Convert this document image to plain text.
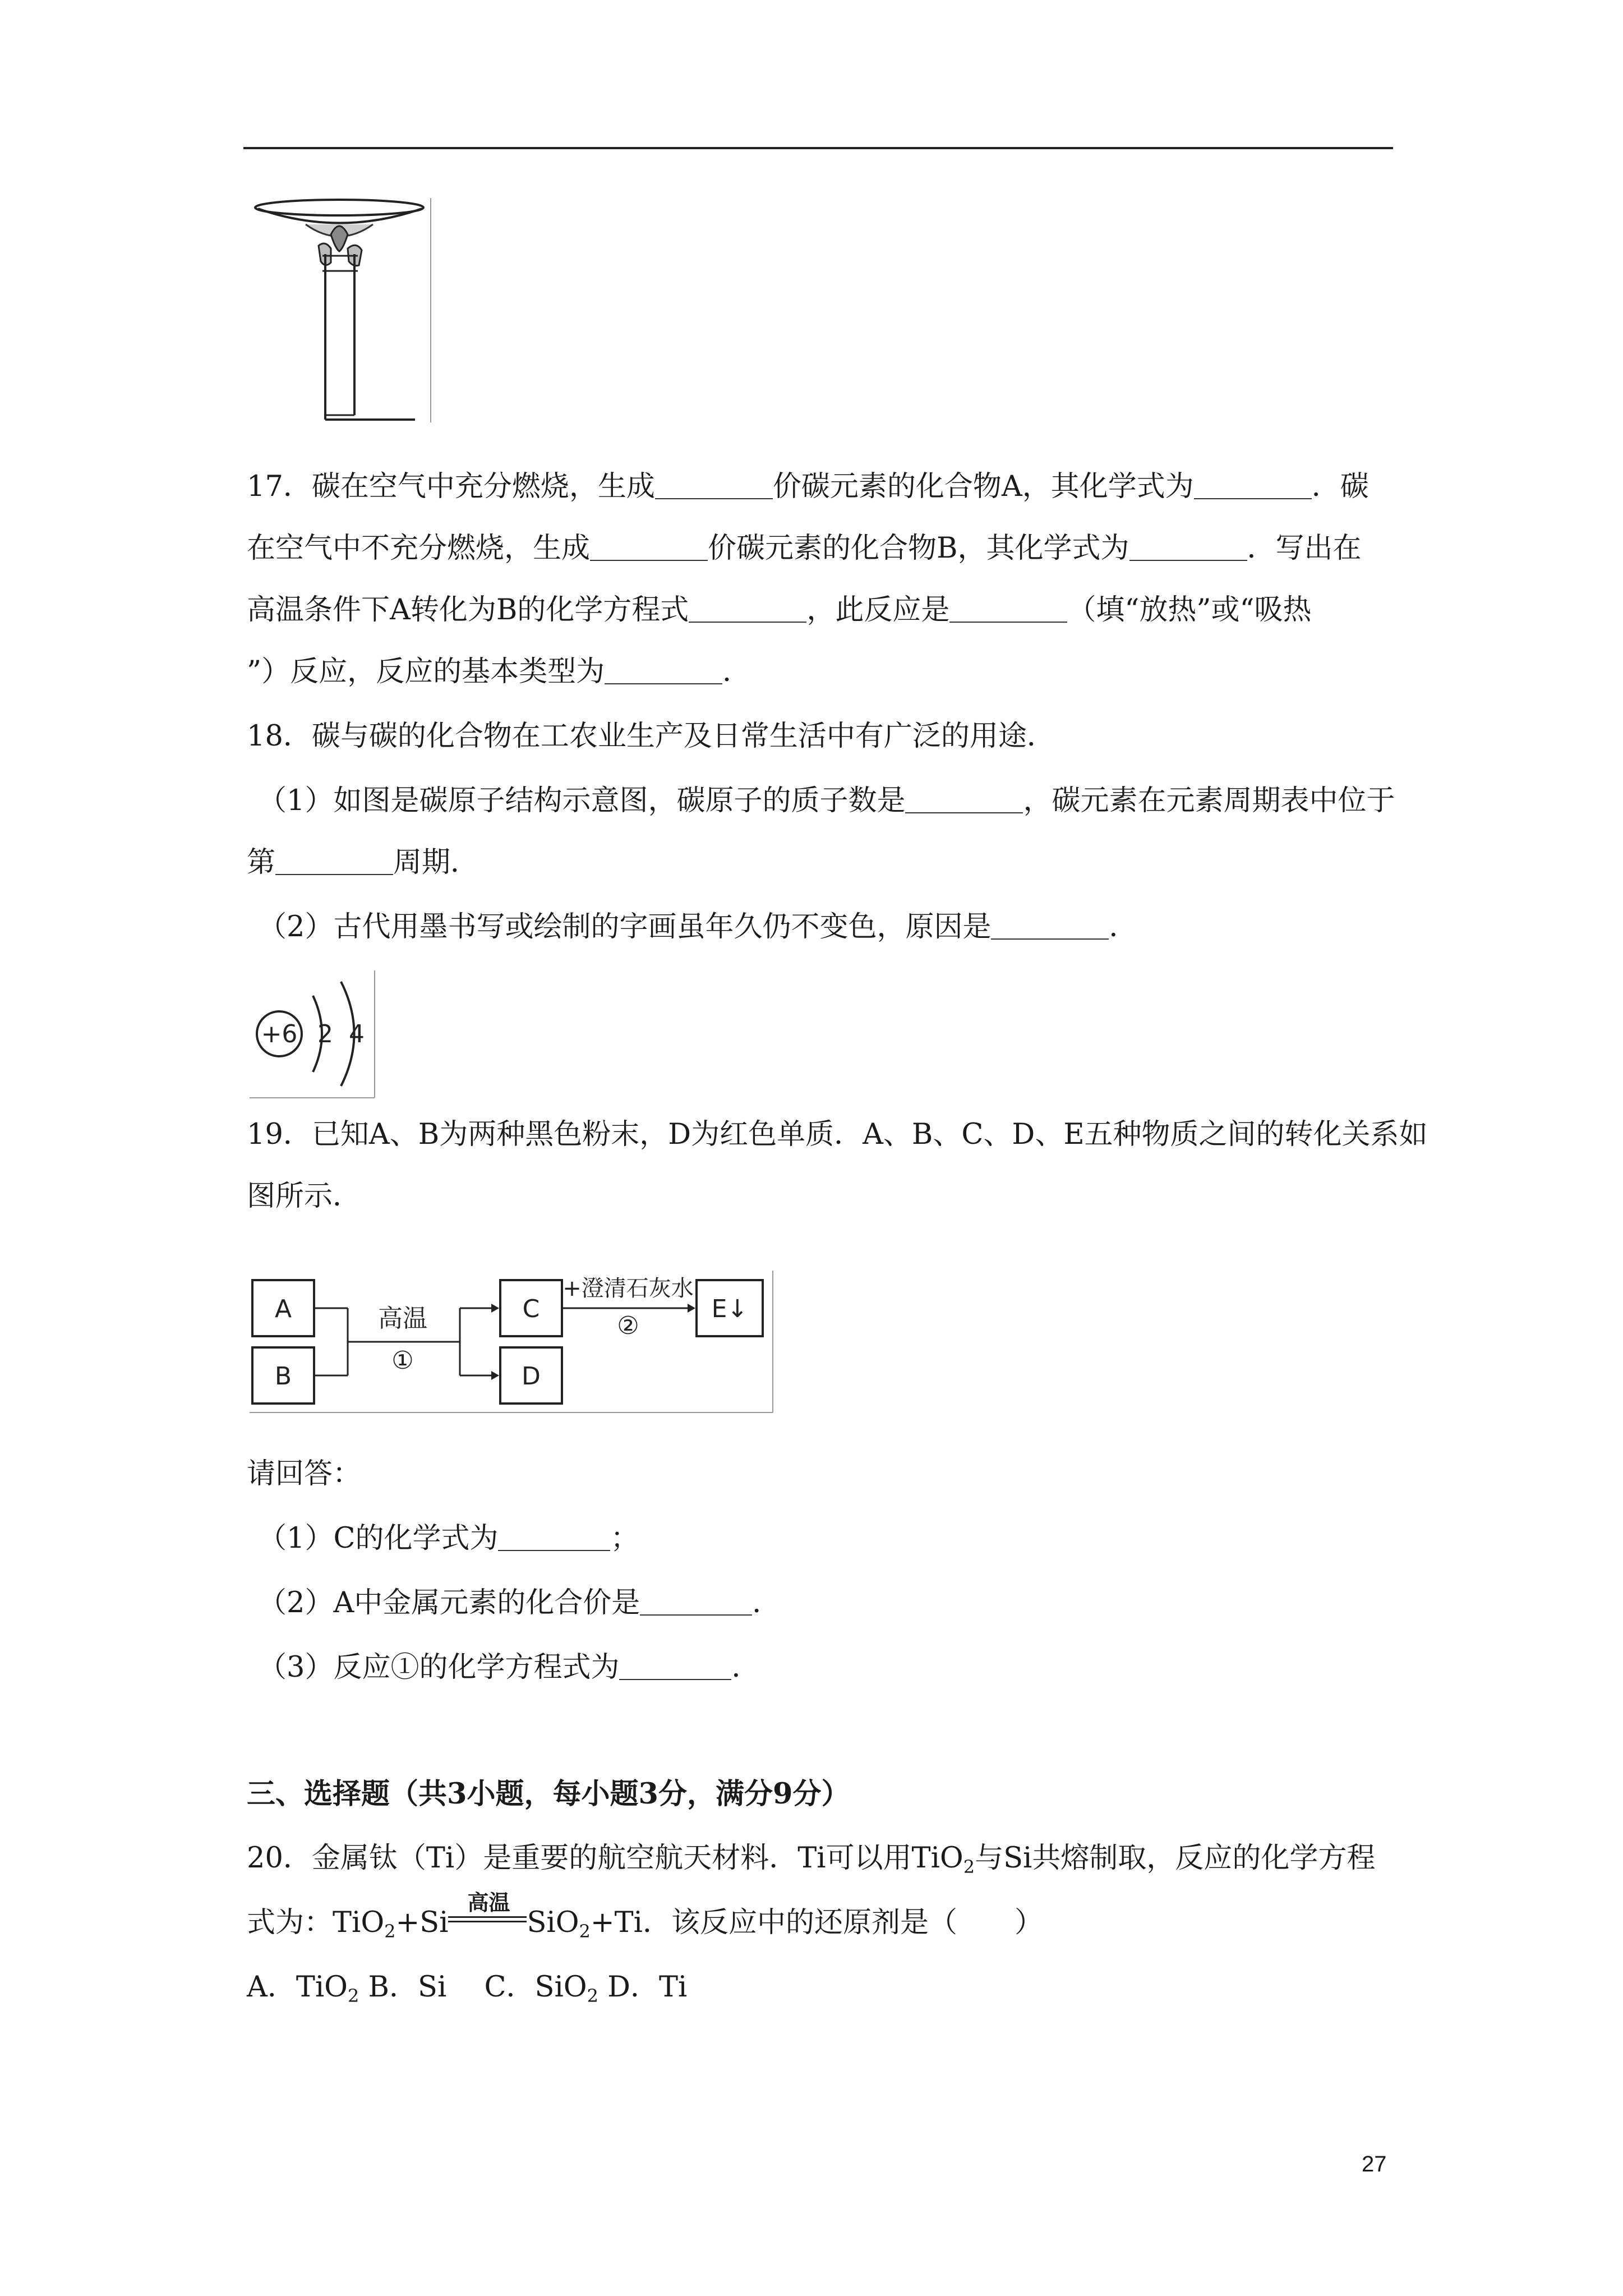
17．碳在空气中充分燃烧，生成	价碳元素的化合物A，其化学式为	．碳
在空气中不充分燃烧，生成	价碳元素的化合物B，其化学式为	．写出在
高温条件下A转化为B的化学方程式	，此反应是	（填“放热”或“吸热
”）反应，反应的基本类型为	．
18．碳与碳的化合物在工农业生产及日常生活中有广泛的用途．
（1）如图是碳原子结构示意图，碳原子的质子数是	，碳元素在元素周期表中位于
第	周期．
（2）古代用墨书写或绘制的字画虽年久仍不变色，原因是	．
+6 2 4
19．已知A、B为两种黑色粉末，D为红色单质．A、B、C、D、E五种物质之间的转化关系如
图所示．
A
B
高温
①
C
D
+澄清石灰水
②
E↓
请回答：
（1）C的化学式为	；
（2）A中金属元素的化合价是	．
（3）反应①的化学方程式为	．
三、选择题（共3小题，每小题3分，满分9分）
20．金属钛（Ti）是重要的航空航天材料．Ti可以用TiO$_2$与Si共熔制取，反应的化学方程
式为：TiO$_2$+Si
高温
SiO$_2$+Ti．该反应中的还原剂是（　　）
A．TiO$_2$ B．Si　 C．SiO$_2$ D．Ti
27
